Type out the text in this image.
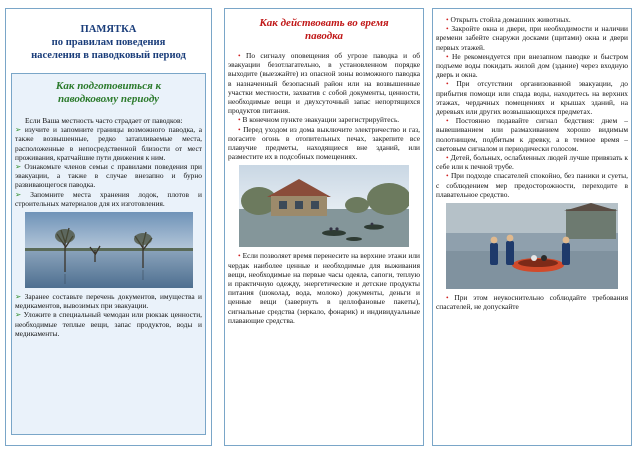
ПАМЯТКА
по правилам поведения
населения в паводковый период
Как подготовиться к
паводковому периоду

Если Ваша местность часто страдает от паводков:

➢ изучите и запомните границы возможного паводка, а также возвышенные, редко затапливаемые места, расположенные в непосредственной близости от мест проживания, кратчайшие пути движения к ним.

➢ Ознакомьте членов семьи с правилами поведения при эвакуации, а также в случае внезапно и бурно развивающегося паводка.

➢ Запомните места хранения лодок, плотов и строительных материалов для их изготовления.

➢ Заранее составьте перечень документов, имущества и медикаментов, вывозимых при эвакуации.

➢ Уложите в специальный чемодан или рюкзак ценности, необходимые теплые вещи, запас продуктов, воды и медикаменты.

Как действовать во время
паводка

• По сигналу оповещения об угрозе паводка и об эвакуации безотлагательно, в установленном порядке выходите (выезжайте) из опасной зоны возможного паводка в назначенный безопасный район или на возвышенные участки местности, захватив с собой документы, ценности, необходимые вещи и двухсуточный запас непортящихся продуктов питания.

• В конечном пункте эвакуации зарегистрируйтесь.

• Перед уходом из дома выключите электричество и газ, погасите огонь в отопительных печах, закрепите все плавучие предметы, находящиеся вне зданий, или разместите их в подсобных помещениях.

• Если позволяет время перенесите на верхние этажи или чердак наиболее ценные и необходимые для выживания вещи, необходимые на первые часы одеяла, сапоги, теплую и практичную одежду, энергетические и детские продукты питания (шоколад, вода, молоко) документы, деньги и ценные вещи (завернуть в целлофановые пакеты), сигнальные средства (зеркало, фонарик) и индивидуальные плавающие средства.

• Открыть стойла домашних животных.

• Закройте окна и двери, при необходимости и наличии времени забейте снаружи досками (щитами) окна и двери первых этажей.

• Не рекомендуется при внезапном паводке и быстром подъеме воды покидать жилой дом (здание) через входную дверь и окна.

• При отсутствии организованной эвакуации, до прибытия помощи или спада воды, находитесь на верхних этажах, чердачных помещениях и крышах зданий, на деревьях или других возвышающихся предметах.

• Постоянно подавайте сигнал бедствия: днем – вывешиванием или размахиванием хорошо видимым полотнищем, подбитым к древку, а в темное время – световым сигналом и периодически голосом.

• Детей, больных, ослабленных людей лучше привязать к себе или к печной трубе.

• При подходе спасателей спокойно, без паники и суеты, с соблюдением мер предосторожности, переходите в плавательное средство.

• При этом неукоснительно соблюдайте требования спасателей, не допускайте
